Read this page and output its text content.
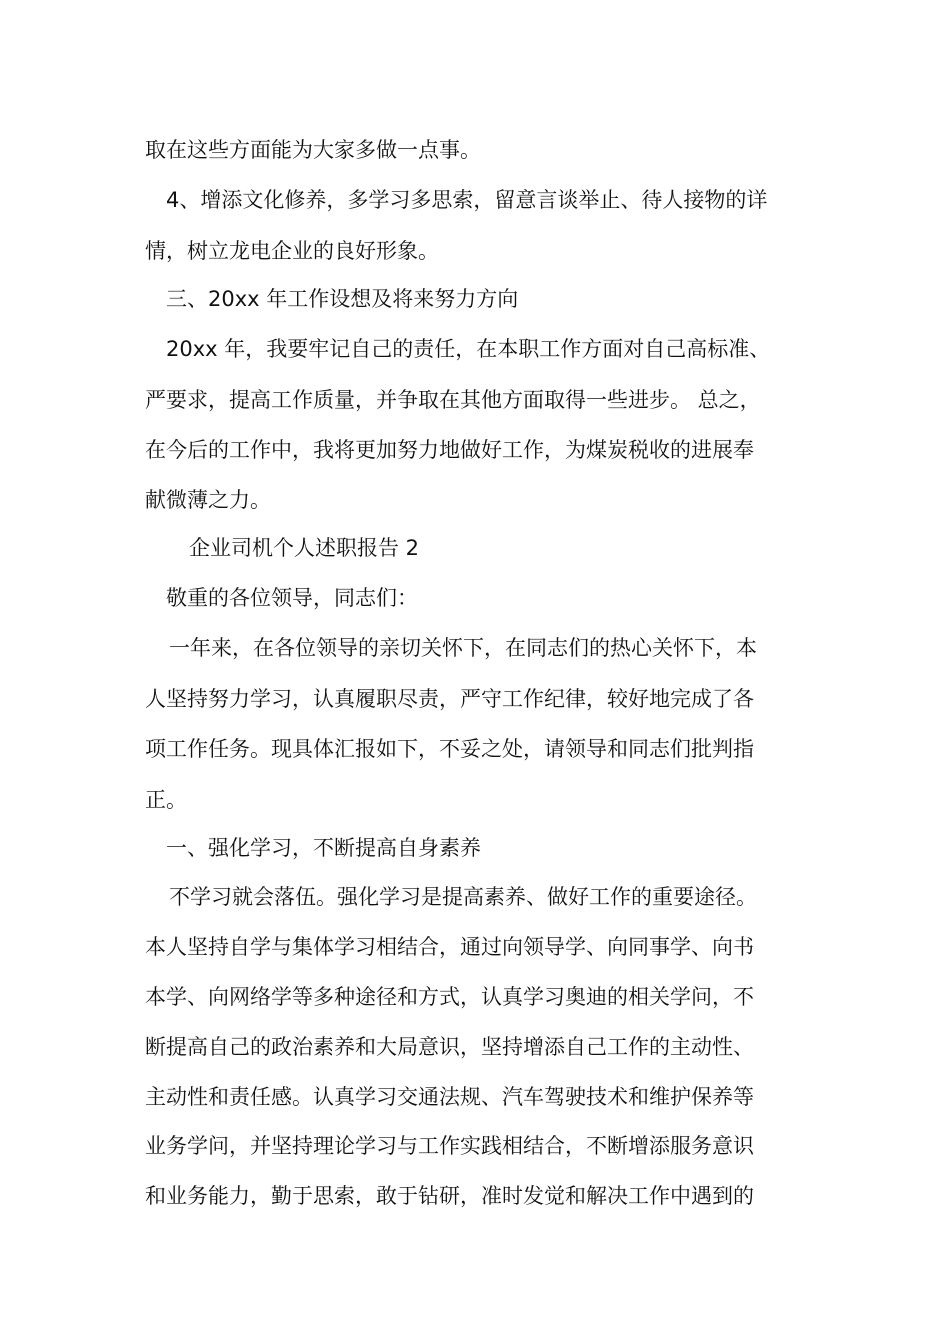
取在这些方面能为大家多做一点事。
4、增添文化修养，多学习多思索，留意言谈举止、待人接物的详
情，树立龙电企业的良好形象。
三、20xx 年工作设想及将来努力方向
20xx 年，我要牢记自己的责任，在本职工作方面对自己高标准、
严要求，提高工作质量，并争取在其他方面取得一些进步。 总之，
在今后的工作中，我将更加努力地做好工作，为煤炭税收的进展奉
献微薄之力。
企业司机个人述职报告 2
敬重的各位领导，同志们：
一年来，在各位领导的亲切关怀下，在同志们的热心关怀下，本
人坚持努力学习，认真履职尽责，严守工作纪律，较好地完成了各
项工作任务。现具体汇报如下，不妥之处，请领导和同志们批判指
正。
一、强化学习，不断提高自身素养
不学习就会落伍。强化学习是提高素养、做好工作的重要途径。
本人坚持自学与集体学习相结合，通过向领导学、向同事学、向书
本学、向网络学等多种途径和方式，认真学习奥迪的相关学问，不
断提高自己的政治素养和大局意识，坚持增添自己工作的主动性、
主动性和责任感。认真学习交通法规、汽车驾驶技术和维护保养等
业务学问，并坚持理论学习与工作实践相结合，不断增添服务意识
和业务能力，勤于思索，敢于钻研，准时发觉和解决工作中遇到的
